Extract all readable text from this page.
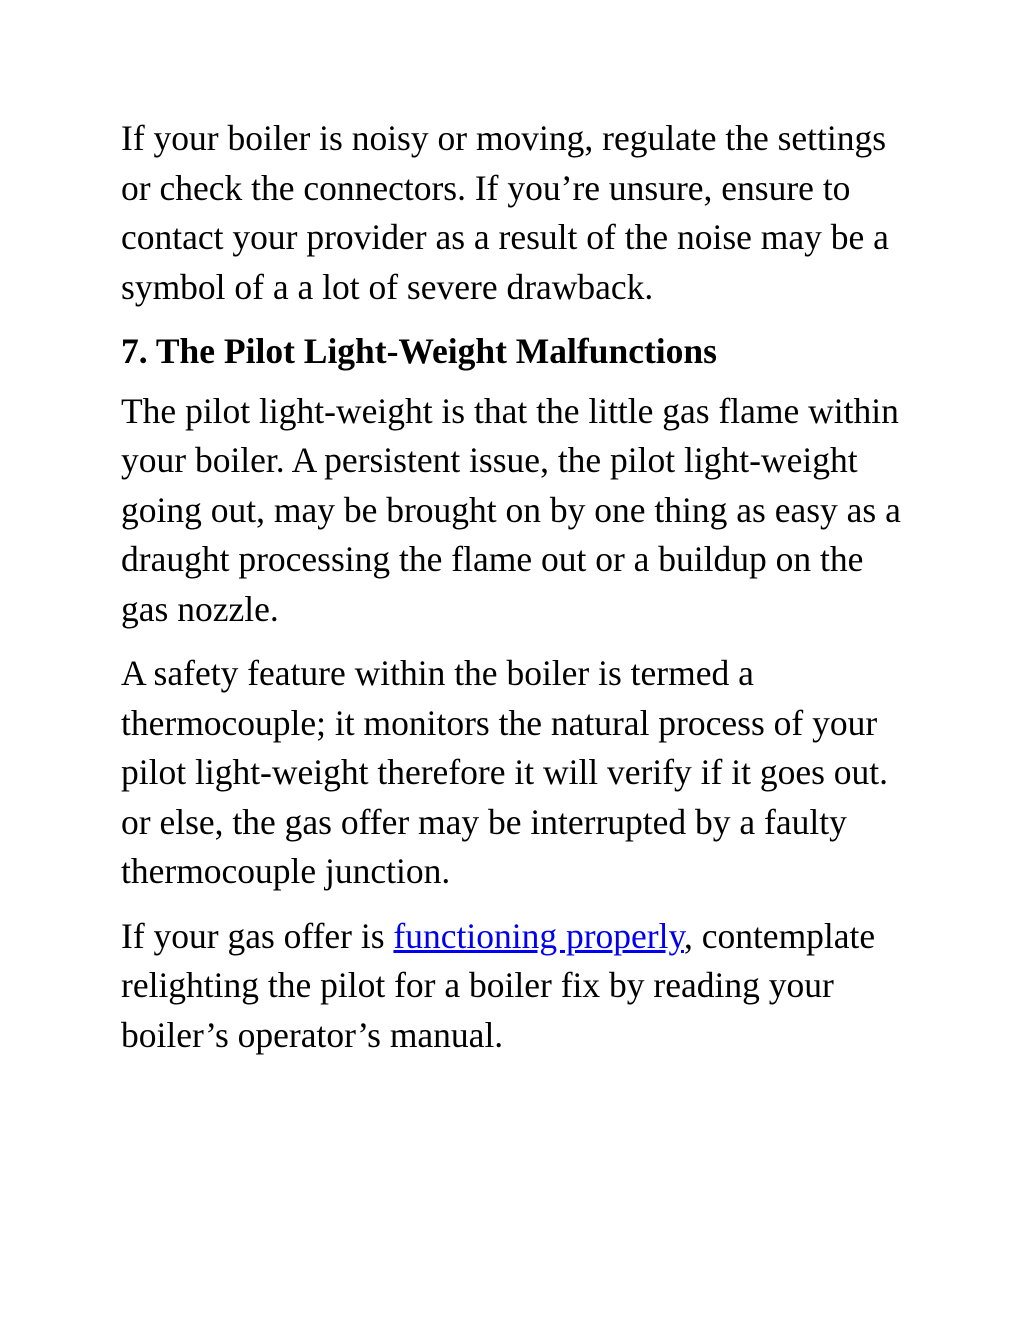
If your boiler is noisy or moving, regulate the settings or check the connectors. If you’re unsure, ensure to contact your provider as a result of the noise may be a symbol of a a lot of severe drawback.

7. The Pilot Light-Weight Malfunctions

The pilot light-weight is that the little gas flame within your boiler. A persistent issue, the pilot light-weight going out, may be brought on by one thing as easy as a draught processing the flame out or a buildup on the gas nozzle.

A safety feature within the boiler is termed a thermocouple; it monitors the natural process of your pilot light-weight therefore it will verify if it goes out. or else, the gas offer may be interrupted by a faulty thermocouple junction.

If your gas offer is functioning properly, contemplate relighting the pilot for a boiler fix by reading your boiler’s operator’s manual.
